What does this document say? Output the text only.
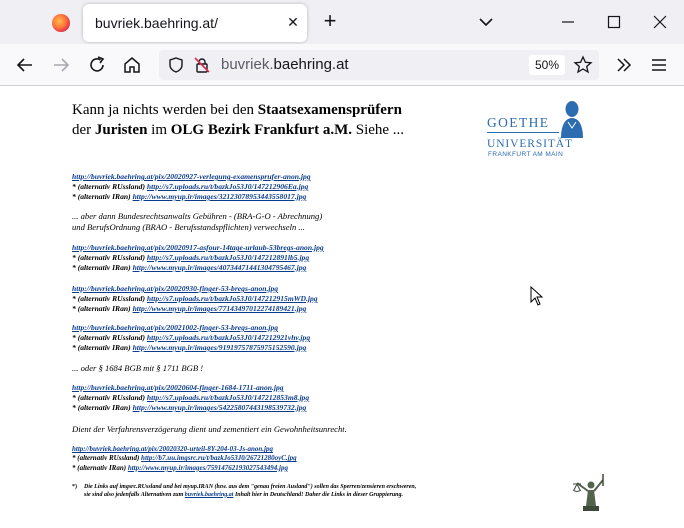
buvriek.baehring.at/	✕ +
buvriek.baehring.at	50%
Kann ja nichts werden bei den Staatsexamensprüfern
der Juristen im OLG Bezirk Frankfurt a.M. Siehe ...	GOETHE
UNIVERSITÄT
FRANKFURT AM MAIN
http://buvriek.baehring.at/pix/20020927-verlegung-examensprufer-anon.jpg
* (alternativ RUssland) http://s7.uploads.ru/t/bazkJo53J0/147212906Ea.jpg
* (alternativ IRan) http://www.myup.ir/images/32123078953443558017.jpg
... aber dann Bundesrechtsanwalts Gebühren - (BRA-G-O - Abrechnung)
und BerufsOrdnung (BRAO - Berufsstandspflichten) verwechseln ...
http://buvriek.baehring.at/pix/20020917-asfour-14tage-urlaub-53bregs-anon.jpg
* (alternativ RUssland) http://s7.uploads.ru/t/bazkJo53J0/147212891lb5.jpg
* (alternativ IRan) http://www.myup.ir/images/40734471441304795467.jpg
http://buvriek.baehring.at/pix/20020930-finger-53-bregs-anon.jpg
* (alternativ RUssland) http://s7.uploads.ru/t/bazkJo53J0/147212915mWD.jpg
* (alternativ IRan) http://www.myup.ir/images/77143497012274189421.jpg
http://buvriek.baehring.at/pix/20021002-finger-53-bregs-anon.jpg
* (alternativ RUssland) http://s7.uploads.ru/t/bazkJo53J0/147212921vhv.jpg
* (alternativ IRan) http://www.myup.ir/images/91919757875975152590.jpg
... oder § 1684 BGB mit § 1711 BGB !
http://buvriek.baehring.at/pix/20020604-finger-1684-1711-anon.jpg
* (alternativ RUssland) http://s7.uploads.ru/t/bazkJo53J0/147212853m8.jpg
* (alternativ IRan) http://www.myup.ir/images/54225807443198539732.jpg
Dient der Verfahrensverzögerung dient und zementiert ein Gewohnheitsunrecht.
http://buvriek.baehring.at/pix/20020320-urteil-8Y-204-03-Js-anon.jpg
* (alternativ RUssland) http://b7.uu.imgsrc.ru/t/bazkJo53J0/26721280oyC.jpg
* (alternativ IRan) http://www.myup.ir/images/75914762193027543494.jpg
*) Die Links auf imgsrc.RUssland und bei myup.IRAN (bzw. aus dem "genau freien Ausland") sollen das Sperren/zensieren erschweren, sie sind also jedenfalls Alternativen zum buvriek.baehring.at Inhalt hier in Deutschland! Daher die Links in dieser Gruppierung.
